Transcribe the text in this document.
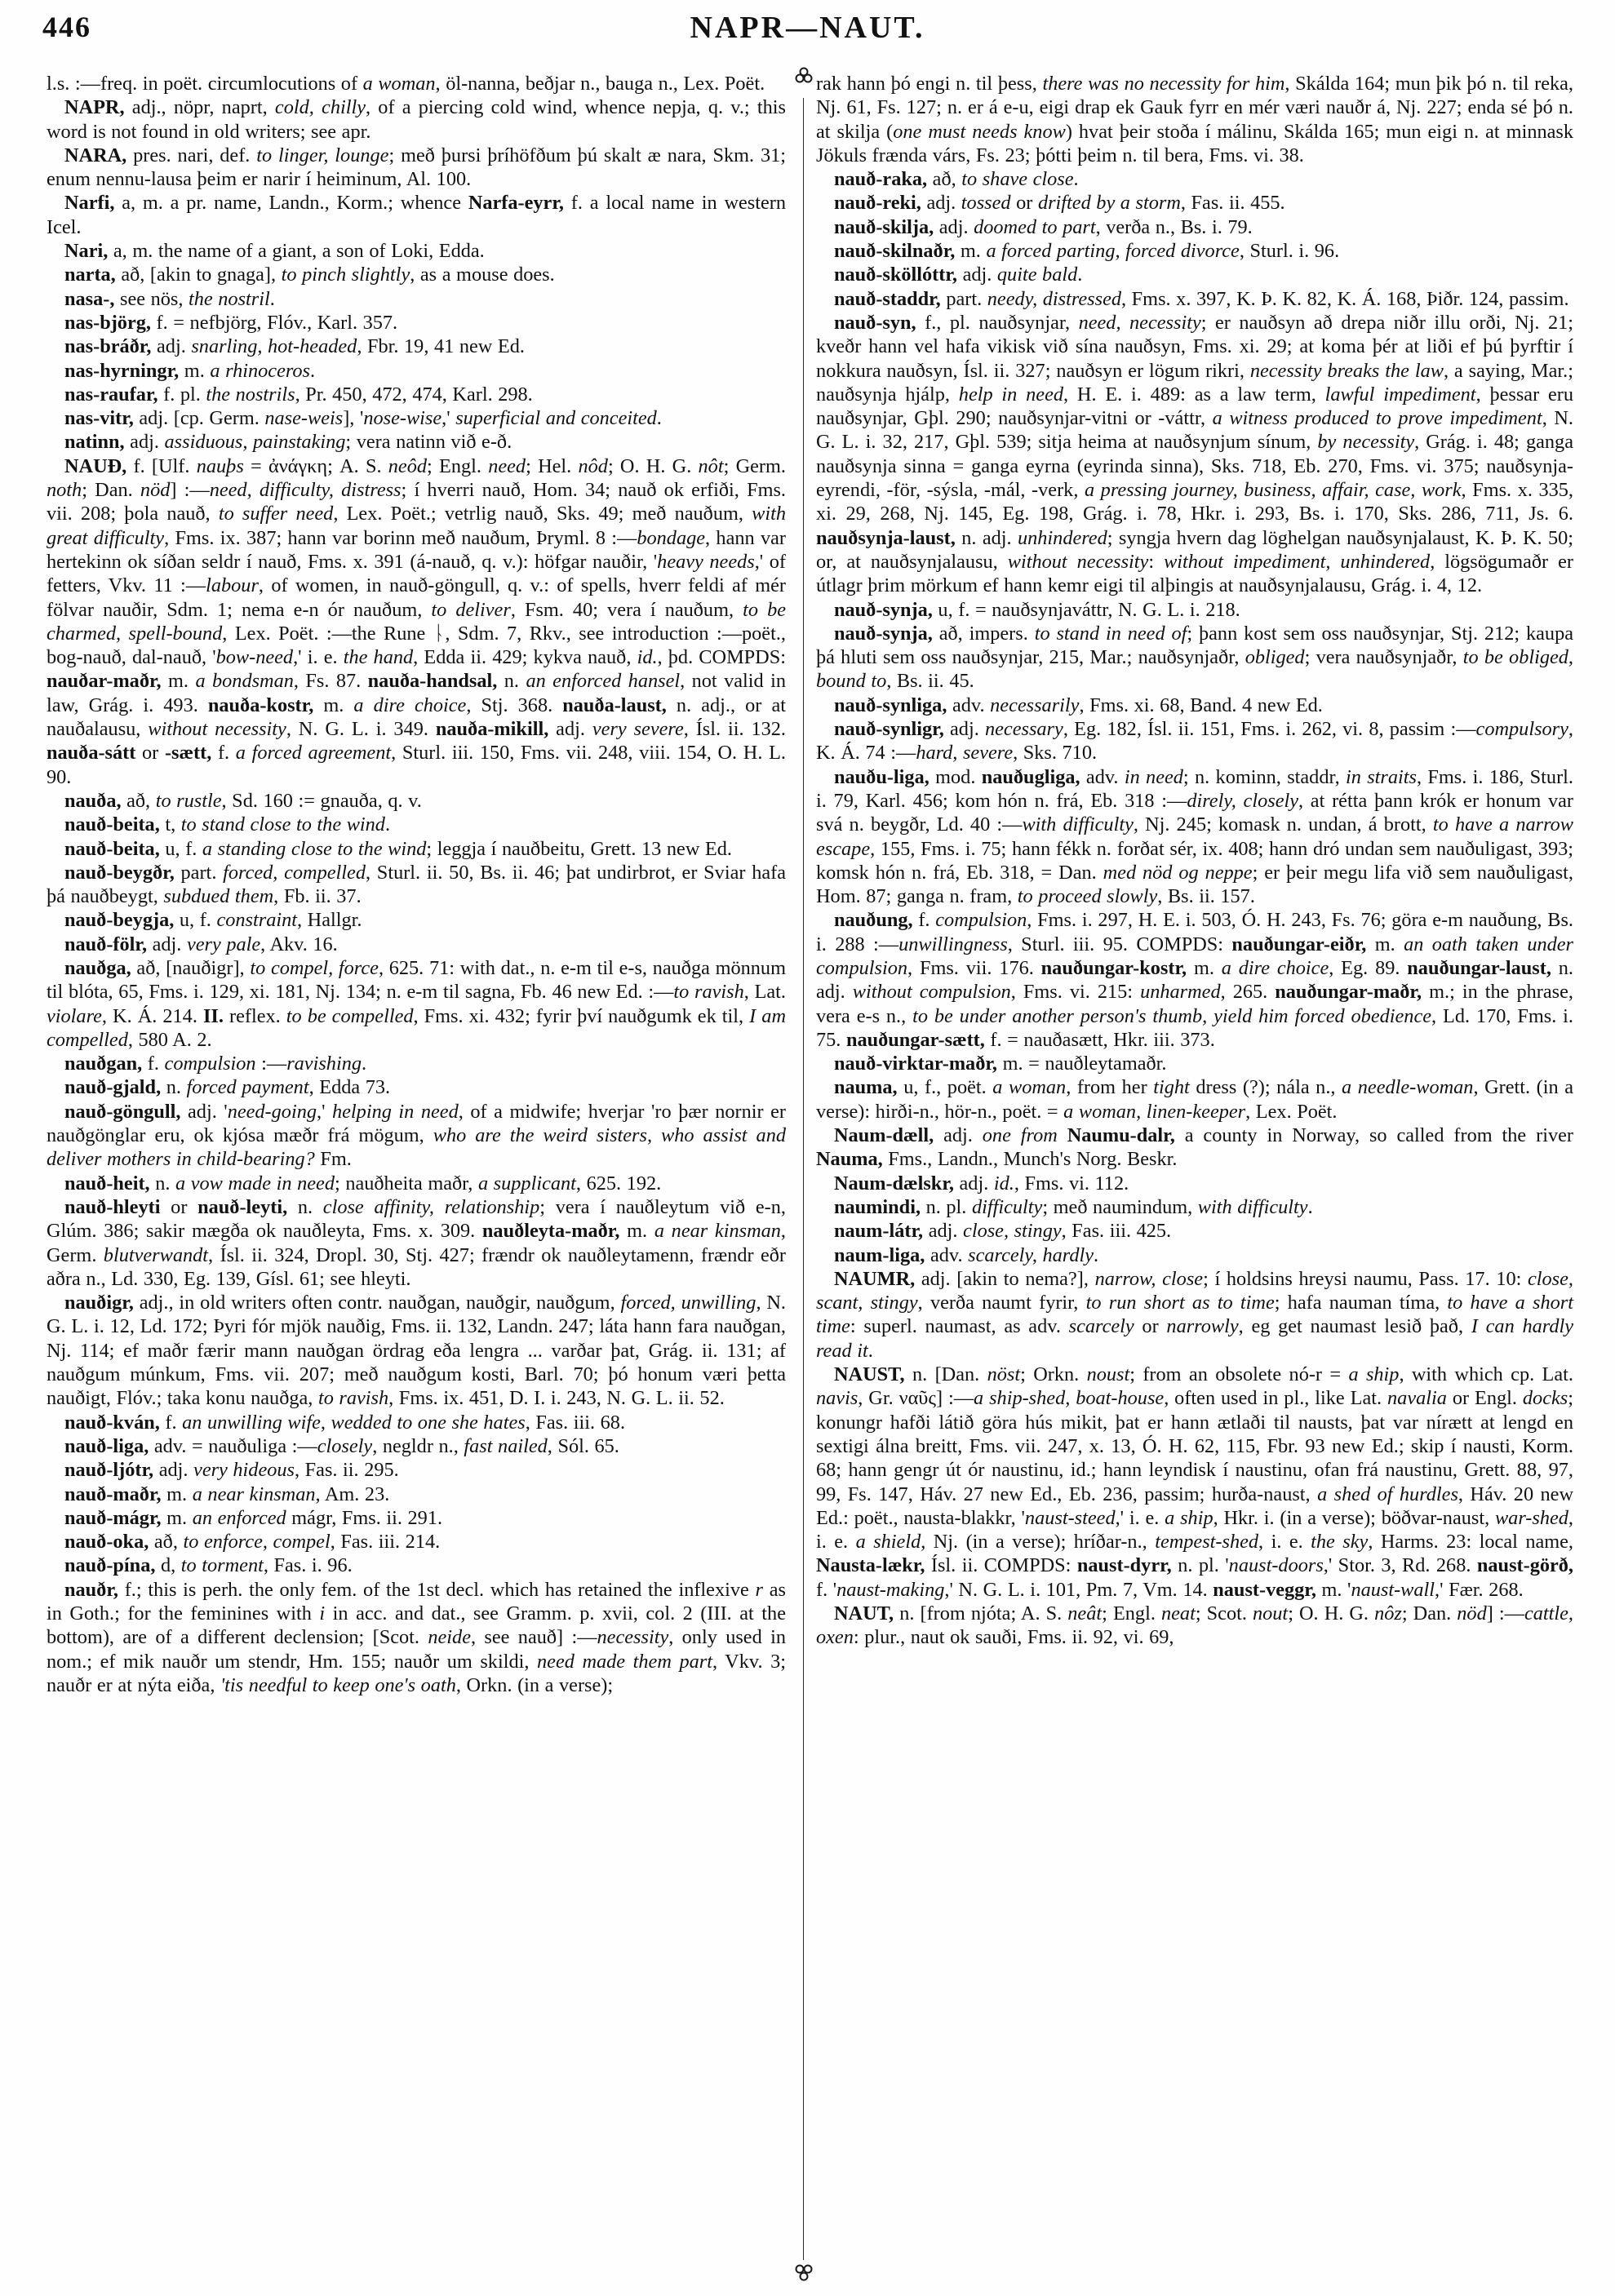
446	NAPR—NAUT.

l.s. :—freq. in poët. circumlocutions of a woman, öl-nanna, beðjar n., bauga n., Lex. Poët.

NAPR, adj., nöpr, naprt, cold, chilly, of a piercing cold wind, whence nepja, q. v.; this word is not found in old writers; see apr.

NARA, pres. nari, def. to linger, lounge; með þursi þríhöfðum þú skalt æ nara, Skm. 31; enum nennu-lausa þeim er narir í heiminum, Al. 100.

Narfi, a, m. a pr. name, Landn., Korm.; whence Narfa-eyrr, f. a local name in western Icel.

Nari, a, m. the name of a giant, a son of Loki, Edda.

narta, að, [akin to gnaga], to pinch slightly, as a mouse does.

nasa-, see nös, the nostril.

nas-björg, f. = nefbjörg, Flóv., Karl. 357.

nas-bráðr, adj. snarling, hot-headed, Fbr. 19, 41 new Ed.

nas-hyrningr, m. a rhinoceros.

nas-raufar, f. pl. the nostrils, Pr. 450, 472, 474, Karl. 298.

nas-vitr, adj. [cp. Germ. nase-weis], 'nose-wise,' superficial and conceited.

natinn, adj. assiduous, painstaking; vera natinn við e-ð.

NAUÐ, f. [Ulf. nauþs = ἀνάγκη; A. S. neôd; Engl. need; Hel. nôd; O. H. G. nôt; Germ. noth; Dan. nöd] :—need, difficulty, distress; í hverri nauð, Hom. 34; nauð ok erfiði, Fms. vii. 208; þola nauð, to suffer need, Lex. Poët.; vetrlig nauð, Sks. 49; með nauðum, with great difficulty, Fms. ix. 387; hann var borinn með nauðum, Þryml. 8 :—bondage, hann var hertekinn ok síðan seldr í nauð, Fms. x. 391 (á-nauð, q. v.): höfgar nauðir, 'heavy needs,' of fetters, Vkv. 11 :—labour, of women, in nauð-göngull, q. v.: of spells, hverr feldi af mér fölvar nauðir, Sdm. 1; nema e-n ór nauðum, to deliver, Fsm. 40; vera í nauðum, to be charmed, spell-bound, Lex. Poët. :—the Rune ᚿ, Sdm. 7, Rkv., see introduction :—poët., bog-nauð, dal-nauð, 'bow-need,' i. e. the hand, Edda ii. 429; kykva nauð, id., þd. COMPDS: nauðar-maðr, m. a bondsman, Fs. 87. nauða-handsal, n. an enforced hansel, not valid in law, Grág. i. 493. nauða-kostr, m. a dire choice, Stj. 368. nauða-laust, n. adj., or at nauðalausu, without necessity, N. G. L. i. 349. nauða-mikill, adj. very severe, Ísl. ii. 132. nauða-sátt or -sætt, f. a forced agreement, Sturl. iii. 150, Fms. vii. 248, viii. 154, O. H. L. 90.

nauða, að, to rustle, Sd. 160 := gnauða, q. v.

nauð-beita, t, to stand close to the wind.

nauð-beita, u, f. a standing close to the wind; leggja í nauðbeitu, Grett. 13 new Ed.

nauð-beygðr, part. forced, compelled, Sturl. ii. 50, Bs. ii. 46; þat undirbrot, er Sviar hafa þá nauðbeygt, subdued them, Fb. ii. 37.

nauð-beygja, u, f. constraint, Hallgr.

nauð-fölr, adj. very pale, Akv. 16.

nauðga, að, [nauðigr], to compel, force, 625. 71: with dat., n. e-m til e-s, nauðga mönnum til blóta, 65, Fms. i. 129, xi. 181, Nj. 134; n. e-m til sagna, Fb. 46 new Ed. :—to ravish, Lat. violare, K. Á. 214. II. reflex. to be compelled, Fms. xi. 432; fyrir því nauðgumk ek til, I am compelled, 580 A. 2.

nauðgan, f. compulsion :—ravishing.

nauð-gjald, n. forced payment, Edda 73.

nauð-göngull, adj. 'need-going,' helping in need, of a midwife; hverjar 'ro þær nornir er nauðgönglar eru, ok kjósa mæðr frá mögum, who are the weird sisters, who assist and deliver mothers in child-bearing? Fm.

nauð-heit, n. a vow made in need; nauðheita maðr, a supplicant, 625. 192.

nauð-hleyti or nauð-leyti, n. close affinity, relationship; vera í nauðleytum við e-n, Glúm. 386; sakir mægða ok nauðleyta, Fms. x. 309. nauðleyta-maðr, m. a near kinsman, Germ. blutverwandt, Ísl. ii. 324, Dropl. 30, Stj. 427; frændr ok nauðleytamenn, frændr eðr aðra n., Ld. 330, Eg. 139, Gísl. 61; see hleyti.

nauðigr, adj., in old writers often contr. nauðgan, nauðgir, nauðgum, forced, unwilling, N. G. L. i. 12, Ld. 172; Þyri fór mjök nauðig, Fms. ii. 132, Landn. 247; láta hann fara nauðgan, Nj. 114; ef maðr færir mann nauðgan ördrag eða lengra ... varðar þat, Grág. ii. 131; af nauðgum múnkum, Fms. vii. 207; með nauðgum kosti, Barl. 70; þó honum væri þetta nauðigt, Flóv.; taka konu nauðga, to ravish, Fms. ix. 451, D. I. i. 243, N. G. L. ii. 52.

nauð-kván, f. an unwilling wife, wedded to one she hates, Fas. iii. 68.

nauð-liga, adv. = nauðuliga :—closely, negldr n., fast nailed, Sól. 65.

nauð-ljótr, adj. very hideous, Fas. ii. 295.

nauð-maðr, m. a near kinsman, Am. 23.

nauð-mágr, m. an enforced mágr, Fms. ii. 291.

nauð-oka, að, to enforce, compel, Fas. iii. 214.

nauð-pína, d, to torment, Fas. i. 96.

nauðr, f.; this is perh. the only fem. of the 1st decl. which has retained the inflexive r as in Goth.; for the feminines with i in acc. and dat., see Gramm. p. xvii, col. 2 (III. at the bottom), are of a different declension; [Scot. neide, see nauð] :—necessity, only used in nom.; ef mik nauðr um stendr, Hm. 155; nauðr um skildi, need made them part, Vkv. 3; nauðr er at nýta eiða, 'tis needful to keep one's oath, Orkn. (in a verse);

rak hann þó engi n. til þess, there was no necessity for him, Skálda 164; mun þik þó n. til reka, Nj. 61, Fs. 127; n. er á e-u, eigi drap ek Gauk fyrr en mér væri nauðr á, Nj. 227; enda sé þó n. at skilja (one must needs know) hvat þeir stoða í málinu, Skálda 165; mun eigi n. at minnask Jökuls frænda várs, Fs. 23; þótti þeim n. til bera, Fms. vi. 38.

nauð-raka, að, to shave close.

nauð-reki, adj. tossed or drifted by a storm, Fas. ii. 455.

nauð-skilja, adj. doomed to part, verða n., Bs. i. 79.

nauð-skilnaðr, m. a forced parting, forced divorce, Sturl. i. 96.

nauð-sköllóttr, adj. quite bald.

nauð-staddr, part. needy, distressed, Fms. x. 397, K. Þ. K. 82, K. Á. 168, Þiðr. 124, passim.

nauð-syn, f., pl. nauðsynjar, need, necessity; er nauðsyn að drepa niðr illu orði, Nj. 21; kveðr hann vel hafa vikisk við sína nauðsyn, Fms. xi. 29; at koma þér at liði ef þú þyrftir í nokkura nauðsyn, Ísl. ii. 327; nauðsyn er lögum rikri, necessity breaks the law, a saying, Mar.; nauðsynja hjálp, help in need, H. E. i. 489: as a law term, lawful impediment, þessar eru nauðsynjar, Gþl. 290; nauðsynjar-vitni or -váttr, a witness produced to prove impediment, N. G. L. i. 32, 217, Gþl. 539; sitja heima at nauðsynjum sínum, by necessity, Grág. i. 48; ganga nauðsynja sinna = ganga eyrna (eyrinda sinna), Sks. 718, Eb. 270, Fms. vi. 375; nauðsynja-eyrendi, -för, -sýsla, -mál, -verk, a pressing journey, business, affair, case, work, Fms. x. 335, xi. 29, 268, Nj. 145, Eg. 198, Grág. i. 78, Hkr. i. 293, Bs. i. 170, Sks. 286, 711, Js. 6. nauðsynja-laust, n. adj. unhindered; syngja hvern dag löghelgan nauðsynjalaust, K. Þ. K. 50; or, at nauðsynjalausu, without necessity: without impediment, unhindered, lögsögumaðr er útlagr þrim mörkum ef hann kemr eigi til alþingis at nauðsynjalausu, Grág. i. 4, 12.

nauð-synja, u, f. = nauðsynjaváttr, N. G. L. i. 218.

nauð-synja, að, impers. to stand in need of; þann kost sem oss nauðsynjar, Stj. 212; kaupa þá hluti sem oss nauðsynjar, 215, Mar.; nauðsynjaðr, obliged; vera nauðsynjaðr, to be obliged, bound to, Bs. ii. 45.

nauð-synliga, adv. necessarily, Fms. xi. 68, Band. 4 new Ed.

nauð-synligr, adj. necessary, Eg. 182, Ísl. ii. 151, Fms. i. 262, vi. 8, passim :—compulsory, K. Á. 74 :—hard, severe, Sks. 710.

nauðu-liga, mod. nauðugliga, adv. in need; n. kominn, staddr, in straits, Fms. i. 186, Sturl. i. 79, Karl. 456; kom hón n. frá, Eb. 318 :—direly, closely, at rétta þann krók er honum var svá n. beygðr, Ld. 40 :—with difficulty, Nj. 245; komask n. undan, á brott, to have a narrow escape, 155, Fms. i. 75; hann fékk n. forðat sér, ix. 408; hann dró undan sem nauðuligast, 393; komsk hón n. frá, Eb. 318, = Dan. med nöd og neppe; er þeir megu lifa við sem nauðuligast, Hom. 87; ganga n. fram, to proceed slowly, Bs. ii. 157.

nauðung, f. compulsion, Fms. i. 297, H. E. i. 503, Ó. H. 243, Fs. 76; göra e-m nauðung, Bs. i. 288 :—unwillingness, Sturl. iii. 95. COMPDS: nauðungar-eiðr, m. an oath taken under compulsion, Fms. vii. 176. nauðungar-kostr, m. a dire choice, Eg. 89. nauðungar-laust, n. adj. without compulsion, Fms. vi. 215: unharmed, 265. nauðungar-maðr, m.; in the phrase, vera e-s n., to be under another person's thumb, yield him forced obedience, Ld. 170, Fms. i. 75. nauðungar-sætt, f. = nauðasætt, Hkr. iii. 373.

nauð-virktar-maðr, m. = nauðleytamaðr.

nauma, u, f., poët. a woman, from her tight dress (?); nála n., a needle-woman, Grett. (in a verse): hirði-n., hör-n., poët. = a woman, linen-keeper, Lex. Poët.

Naum-dæll, adj. one from Naumu-dalr, a county in Norway, so called from the river Nauma, Fms., Landn., Munch's Norg. Beskr.

Naum-dælskr, adj. id., Fms. vi. 112.

naumindi, n. pl. difficulty; með naumindum, with difficulty.

naum-látr, adj. close, stingy, Fas. iii. 425.

naum-liga, adv. scarcely, hardly.

NAUMR, adj. [akin to nema?], narrow, close; í holdsins hreysi naumu, Pass. 17. 10: close, scant, stingy, verða naumt fyrir, to run short as to time; hafa nauman tíma, to have a short time: superl. naumast, as adv. scarcely or narrowly, eg get naumast lesið það, I can hardly read it.

NAUST, n. [Dan. nöst; Orkn. noust; from an obsolete nó-r = a ship, with which cp. Lat. navis, Gr. ναῦς] :—a ship-shed, boat-house, often used in pl., like Lat. navalia or Engl. docks; konungr hafði látið göra hús mikit, þat er hann ætlaði til nausts, þat var nírætt at lengd en sextigi álna breitt, Fms. vii. 247, x. 13, Ó. H. 62, 115, Fbr. 93 new Ed.; skip í nausti, Korm. 68; hann gengr út ór naustinu, id.; hann leyndisk í naustinu, ofan frá naustinu, Grett. 88, 97, 99, Fs. 147, Háv. 27 new Ed., Eb. 236, passim; hurða-naust, a shed of hurdles, Háv. 20 new Ed.: poët., nausta-blakkr, 'naust-steed,' i. e. a ship, Hkr. i. (in a verse); böðvar-naust, war-shed, i. e. a shield, Nj. (in a verse); hríðar-n., tempest-shed, i. e. the sky, Harms. 23: local name, Nausta-lækr, Ísl. ii. COMPDS: naust-dyrr, n. pl. 'naust-doors,' Stor. 3, Rd. 268. naust-görð, f. 'naust-making,' N. G. L. i. 101, Pm. 7, Vm. 14. naust-veggr, m. 'naust-wall,' Fær. 268.

NAUT, n. [from njóta; A. S. neât; Engl. neat; Scot. nout; O. H. G. nôz; Dan. nöd] :—cattle, oxen: plur., naut ok sauði, Fms. ii. 92, vi. 69,
